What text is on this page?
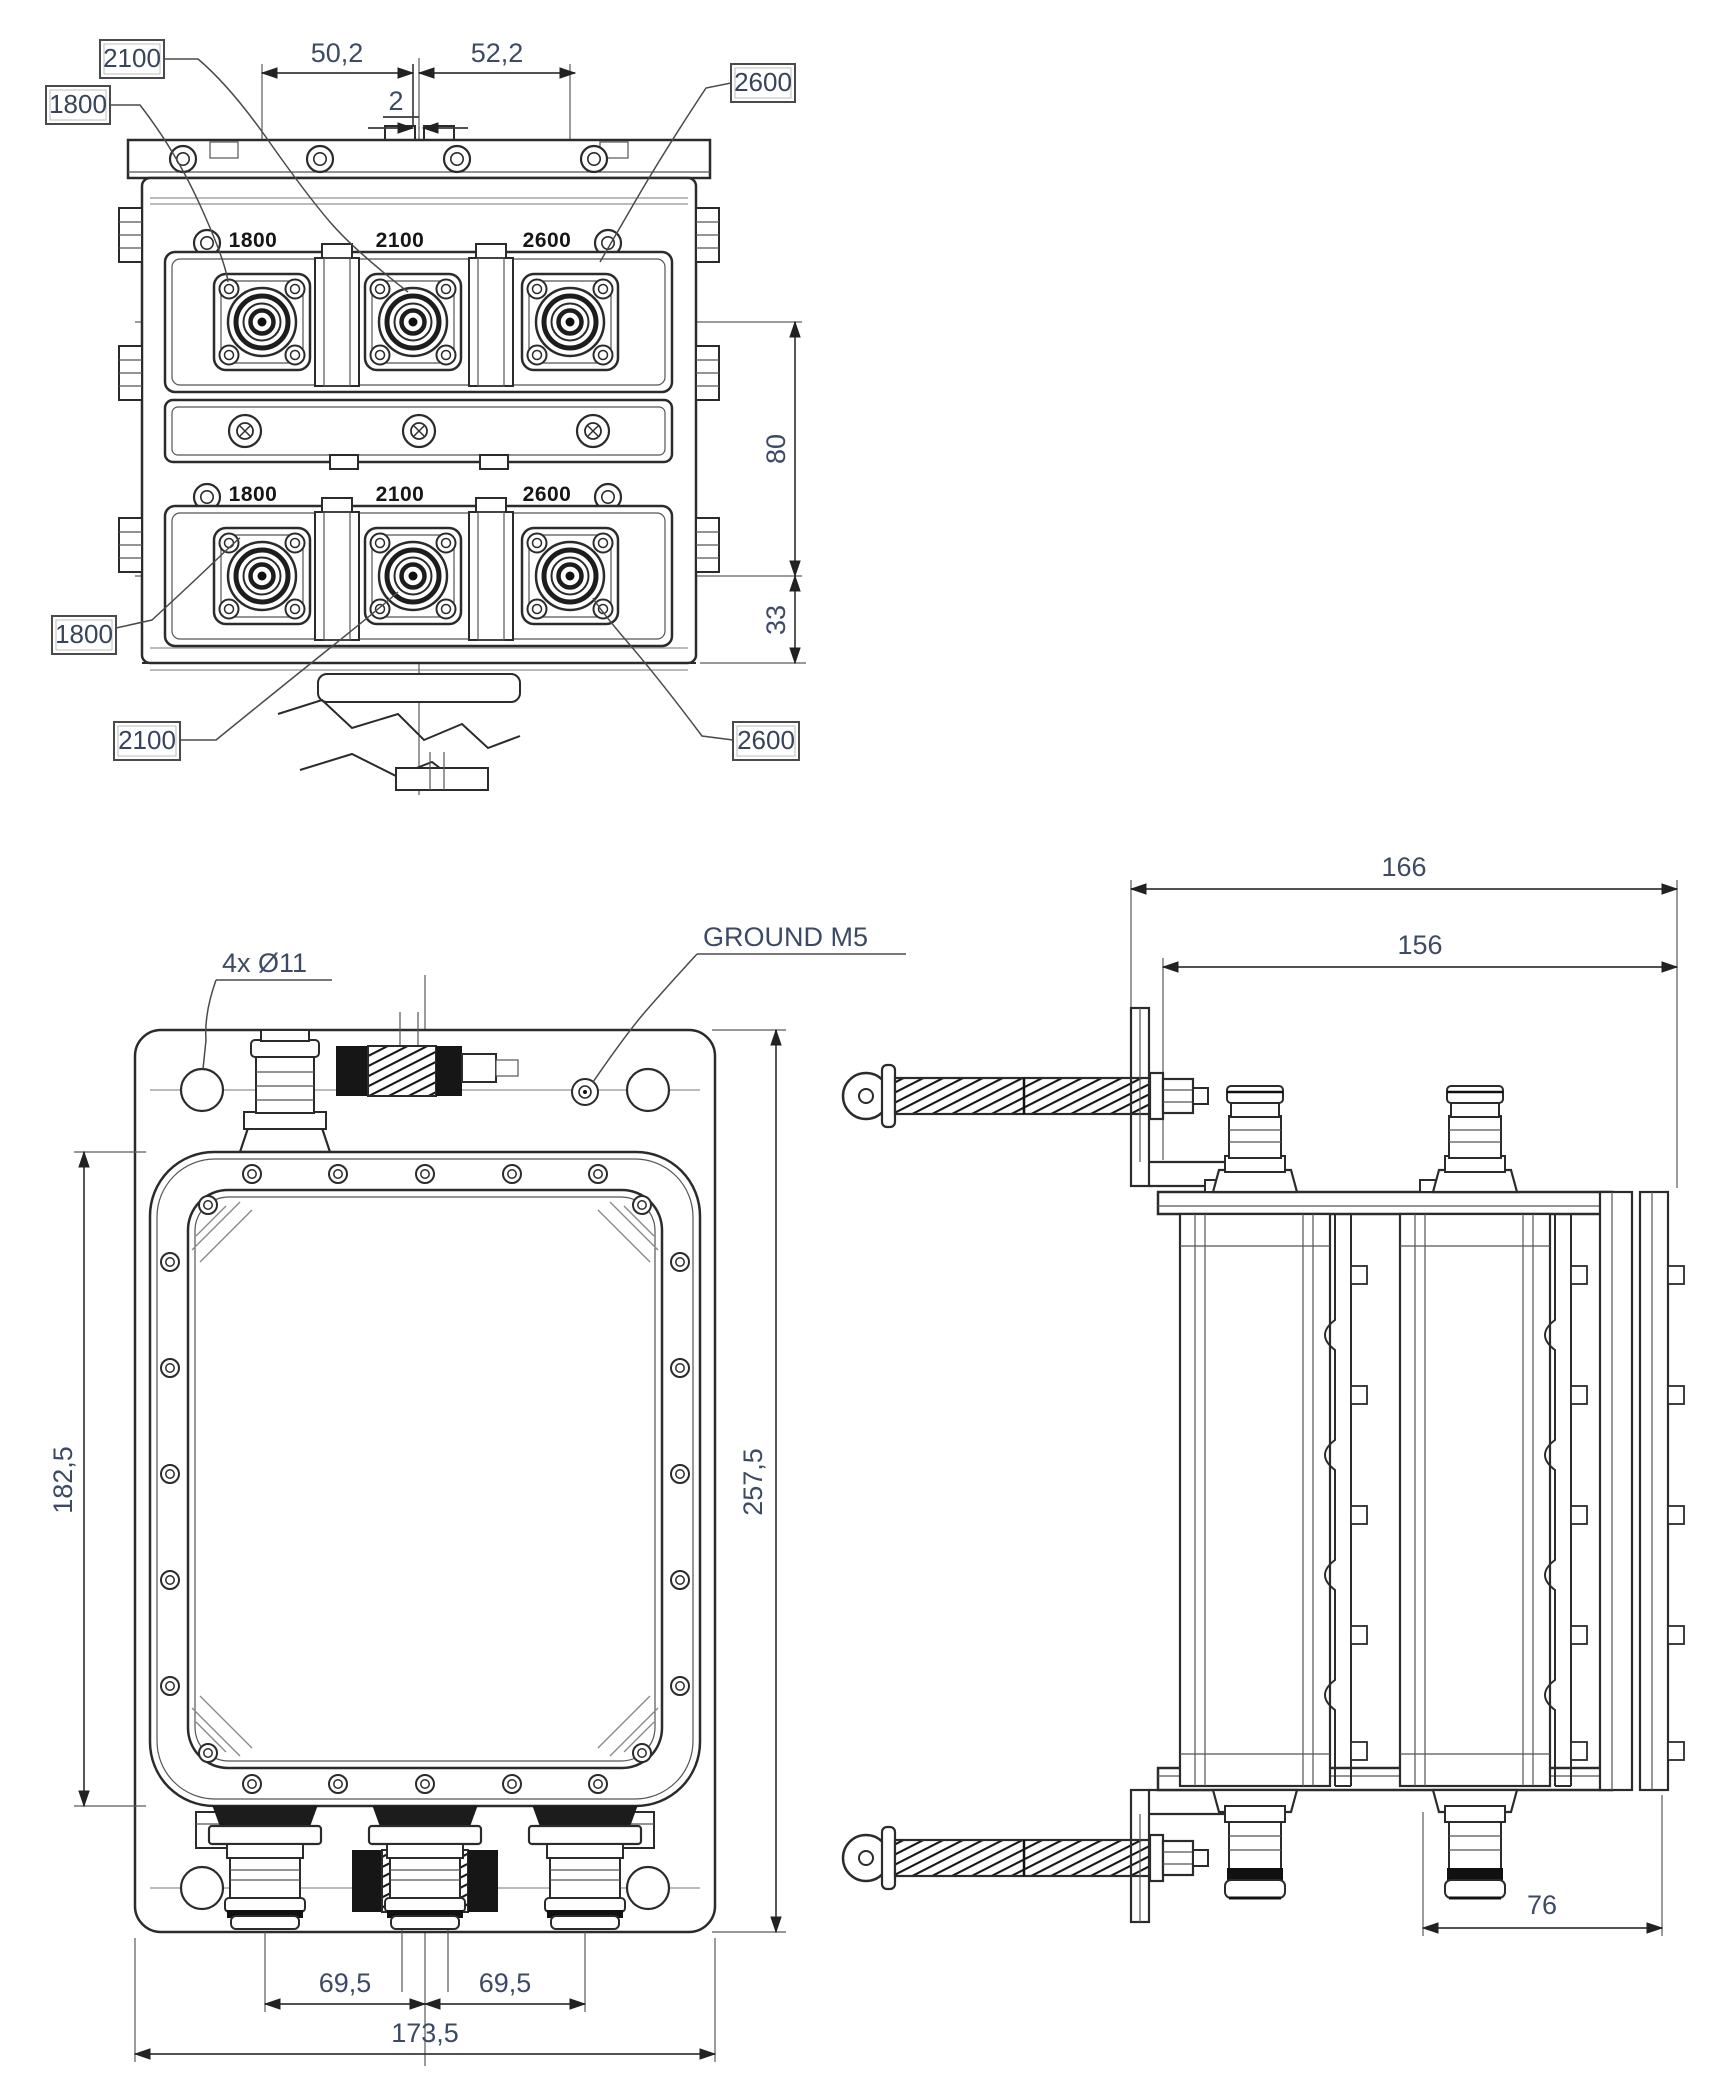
1800	2100	2600
1800	2100	2600
50,2	52,2
2
80
33
2100
1800
2600
1800
2100	2600
4x Ø11
GROUND M5
182,5	257,5
69,5	69,5
173,5
166
156
76
